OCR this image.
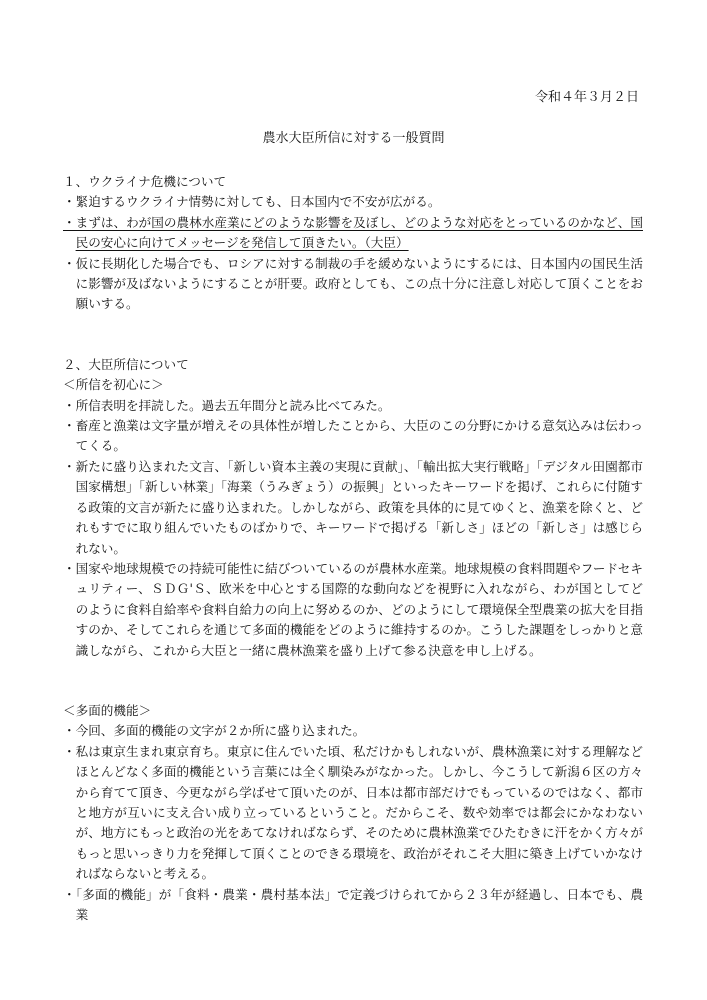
令和４年３月２日
農水大臣所信に対する一般質問

１、ウクライナ危機について

・緊迫するウクライナ情勢に対しても、日本国内で不安が広がる。

・まずは、わが国の農林水産業にどのような影響を及ぼし、どのような対応をとっているのかなど、国民の安心に向けてメッセージを発信して頂きたい。（大臣）

・仮に長期化した場合でも、ロシアに対する制裁の手を緩めないようにするには、日本国内の国民生活に影響が及ばないようにすることが肝要。政府としても、この点十分に注意し対応して頂くことをお願いする。

２、大臣所信について

＜所信を初心に＞

・所信表明を拝読した。過去五年間分と読み比べてみた。

・畜産と漁業は文字量が増えその具体性が増したことから、大臣のこの分野にかける意気込みは伝わってくる。

・新たに盛り込まれた文言、「新しい資本主義の実現に貢献」、「輸出拡大実行戦略」「デジタル田園都市国家構想」「新しい林業」「海業（うみぎょう）の振興」といったキーワードを掲げ、これらに付随する政策的文言が新たに盛り込まれた。しかしながら、政策を具体的に見てゆくと、漁業を除くと、どれもすでに取り組んでいたものばかりで、キーワードで掲げる「新しさ」ほどの「新しさ」は感じられない。

・国家や地球規模での持続可能性に結びついているのが農林水産業。地球規模の食料問題やフードセキュリティー、ＳＤＧ'Ｓ、欧米を中心とする国際的な動向などを視野に入れながら、わが国としてどのように食料自給率や食料自給力の向上に努めるのか、どのようにして環境保全型農業の拡大を目指すのか、そしてこれらを通じて多面的機能をどのように維持するのか。こうした課題をしっかりと意識しながら、これから大臣と一緒に農林漁業を盛り上げて参る決意を申し上げる。

＜多面的機能＞

・今回、多面的機能の文字が２か所に盛り込まれた。

・私は東京生まれ東京育ち。東京に住んでいた頃、私だけかもしれないが、農林漁業に対する理解などほとんどなく多面的機能という言葉には全く馴染みがなかった。しかし、今こうして新潟６区の方々から育てて頂き、今更ながら学ばせて頂いたのが、日本は都市部だけでもっているのではなく、都市と地方が互いに支え合い成り立っているということ。だからこそ、数や効率では都会にかなわないが、地方にもっと政治の光をあてなければならず、そのために農林漁業でひたむきに汗をかく方々がもっと思いっきり力を発揮して頂くことのできる環境を、政治がそれこそ大胆に築き上げていかなければならないと考える。

・「多面的機能」が「食料・農業・農村基本法」で定義づけられてから２３年が経過し、日本でも、農業
